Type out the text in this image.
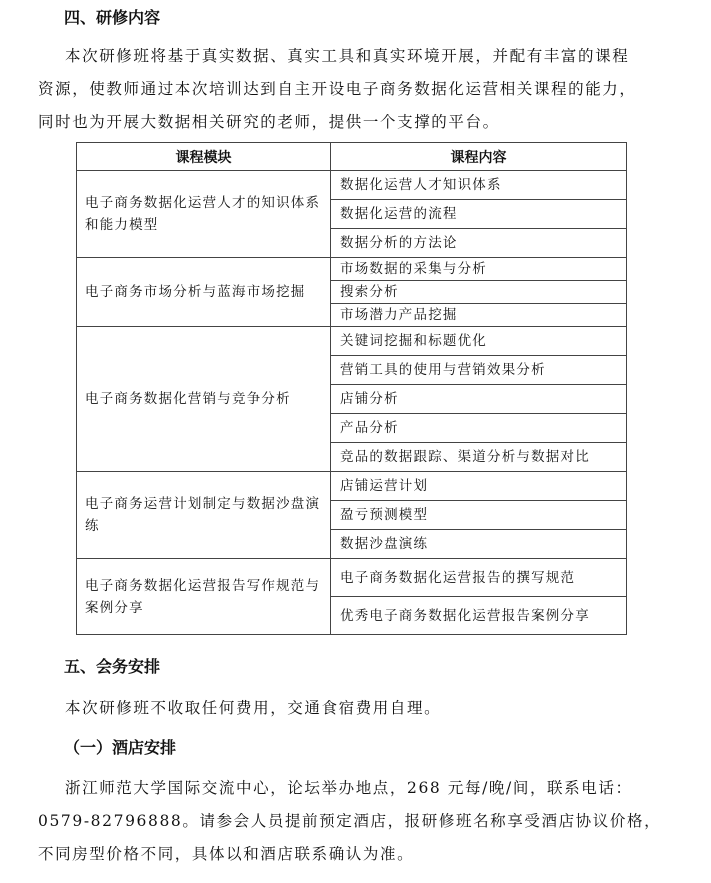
四、研修内容
本次研修班将基于真实数据、真实工具和真实环境开展，并配有丰富的课程
资源，使教师通过本次培训达到自主开设电子商务数据化运营相关课程的能力，
同时也为开展大数据相关研究的老师，提供一个支撑的平台。
课程模块	课程内容
电子商务数据化运营人才的知识体系和能力模型	数据化运营人才知识体系
	数据化运营的流程
	数据分析的方法论
电子商务市场分析与蓝海市场挖掘	市场数据的采集与分析
	搜索分析
	市场潜力产品挖掘
电子商务数据化营销与竞争分析	关键词挖掘和标题优化
	营销工具的使用与营销效果分析
	店铺分析
	产品分析
	竞品的数据跟踪、渠道分析与数据对比
电子商务运营计划制定与数据沙盘演练	店铺运营计划
	盈亏预测模型
	数据沙盘演练
电子商务数据化运营报告写作规范与案例分享	电子商务数据化运营报告的撰写规范
	优秀电子商务数据化运营报告案例分享
五、会务安排
本次研修班不收取任何费用，交通食宿费用自理。
（一）酒店安排
浙江师范大学国际交流中心，论坛举办地点，268 元每/晚/间，联系电话：
0579-82796888。请参会人员提前预定酒店，报研修班名称享受酒店协议价格，
不同房型价格不同，具体以和酒店联系确认为准。
